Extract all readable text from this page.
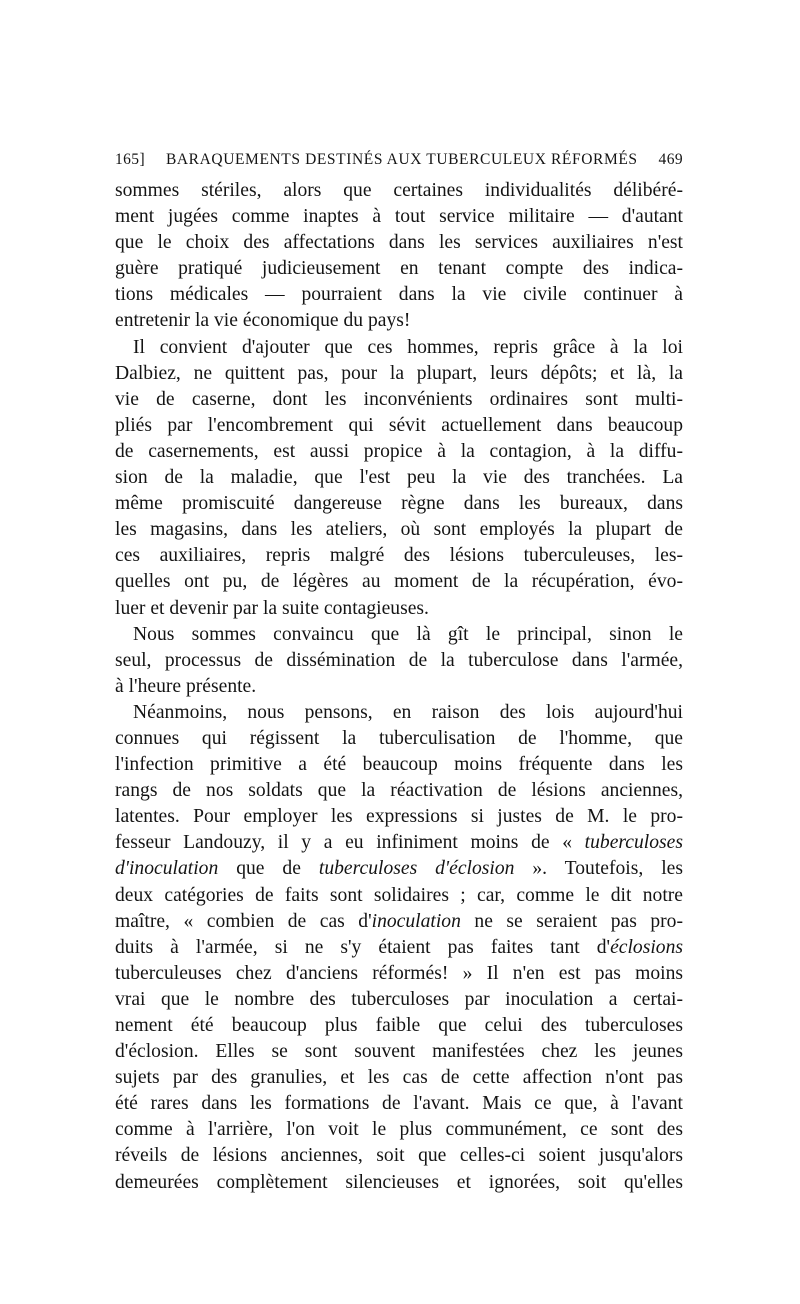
165]	BARAQUEMENTS DESTINÉS AUX TUBERCULEUX RÉFORMÉS	469
sommes stériles, alors que certaines individualités délibéré-
ment jugées comme inaptes à tout service militaire — d'autant
que le choix des affectations dans les services auxiliaires n'est
guère pratiqué judicieusement en tenant compte des indica-
tions médicales — pourraient dans la vie civile continuer à
entretenir la vie économique du pays!
Il convient d'ajouter que ces hommes, repris grâce à la loi
Dalbiez, ne quittent pas, pour la plupart, leurs dépôts; et là, la
vie de caserne, dont les inconvénients ordinaires sont multi-
pliés par l'encombrement qui sévit actuellement dans beaucoup
de casernements, est aussi propice à la contagion, à la diffu-
sion de la maladie, que l'est peu la vie des tranchées. La
même promiscuité dangereuse règne dans les bureaux, dans
les magasins, dans les ateliers, où sont employés la plupart de
ces auxiliaires, repris malgré des lésions tuberculeuses, les-
quelles ont pu, de légères au moment de la récupération, évo-
luer et devenir par la suite contagieuses.
Nous sommes convaincu que là gît le principal, sinon le
seul, processus de dissémination de la tuberculose dans l'armée,
à l'heure présente.
Néanmoins, nous pensons, en raison des lois aujourd'hui
connues qui régissent la tuberculisation de l'homme, que
l'infection primitive a été beaucoup moins fréquente dans les
rangs de nos soldats que la réactivation de lésions anciennes,
latentes. Pour employer les expressions si justes de M. le pro-
fesseur Landouzy, il y a eu infiniment moins de « tuberculoses
d'inoculation que de tuberculoses d'éclosion ». Toutefois, les
deux catégories de faits sont solidaires ; car, comme le dit notre
maître, « combien de cas d'inoculation ne se seraient pas pro-
duits à l'armée, si ne s'y étaient pas faites tant d'éclosions
tuberculeuses chez d'anciens réformés! » Il n'en est pas moins
vrai que le nombre des tuberculoses par inoculation a certai-
nement été beaucoup plus faible que celui des tuberculoses
d'éclosion. Elles se sont souvent manifestées chez les jeunes
sujets par des granulies, et les cas de cette affection n'ont pas
été rares dans les formations de l'avant. Mais ce que, à l'avant
comme à l'arrière, l'on voit le plus communément, ce sont des
réveils de lésions anciennes, soit que celles-ci soient jusqu'alors
demeurées complètement silencieuses et ignorées, soit qu'elles
